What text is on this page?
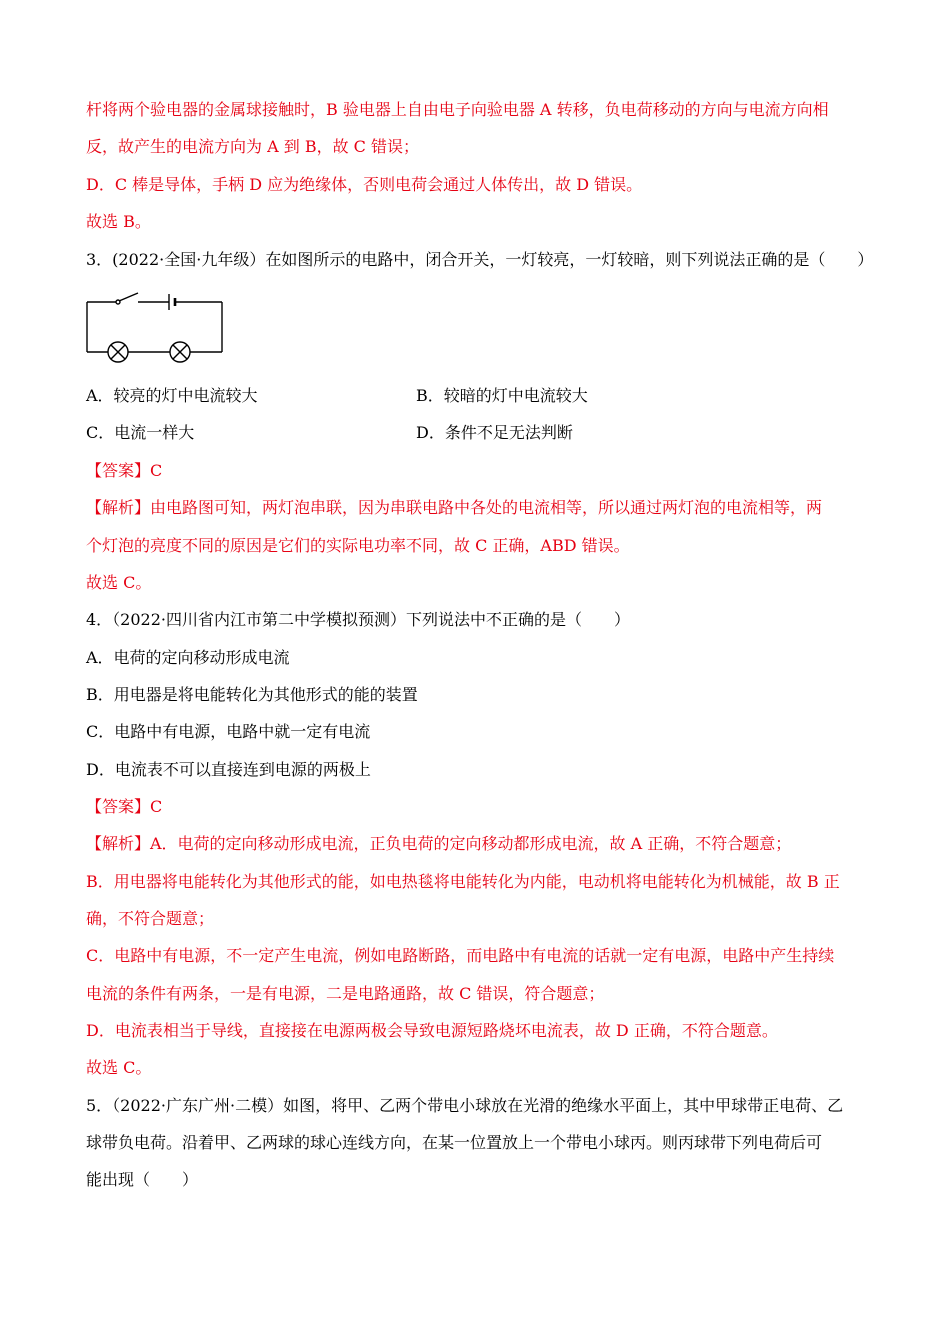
杆将两个验电器的金属球接触时，B 验电器上自由电子向验电器 A 转移，负电荷移动的方向与电流方向相
反，故产生的电流方向为 A 到 B，故 C 错误；
D．C 棒是导体，手柄 D 应为绝缘体，否则电荷会通过人体传出，故 D 错误。
故选 B。
3．(2022·全国·九年级）在如图所示的电路中，闭合开关，一灯较亮，一灯较暗，则下列说法正确的是（　　）
A．较亮的灯中电流较大	B．较暗的灯中电流较大
C．电流一样大	D．条件不足无法判断
【答案】C
【解析】由电路图可知，两灯泡串联，因为串联电路中各处的电流相等，所以通过两灯泡的电流相等，两
个灯泡的亮度不同的原因是它们的实际电功率不同，故 C 正确，ABD 错误。
故选 C。
4．（2022·四川省内江市第二中学模拟预测）下列说法中不正确的是（　　）
A．电荷的定向移动形成电流
B．用电器是将电能转化为其他形式的能的装置
C．电路中有电源，电路中就一定有电流
D．电流表不可以直接连到电源的两极上
【答案】C
【解析】A．电荷的定向移动形成电流，正负电荷的定向移动都形成电流，故 A 正确，不符合题意；
B．用电器将电能转化为其他形式的能，如电热毯将电能转化为内能，电动机将电能转化为机械能，故 B 正
确，不符合题意；
C．电路中有电源，不一定产生电流，例如电路断路，而电路中有电流的话就一定有电源，电路中产生持续
电流的条件有两条，一是有电源，二是电路通路，故 C 错误，符合题意；
D．电流表相当于导线，直接接在电源两极会导致电源短路烧坏电流表，故 D 正确，不符合题意。
故选 C。
5．（2022·广东广州·二模）如图，将甲、乙两个带电小球放在光滑的绝缘水平面上，其中甲球带正电荷、乙
球带负电荷。沿着甲、乙两球的球心连线方向，在某一位置放上一个带电小球丙。则丙球带下列电荷后可
能出现（　　）
